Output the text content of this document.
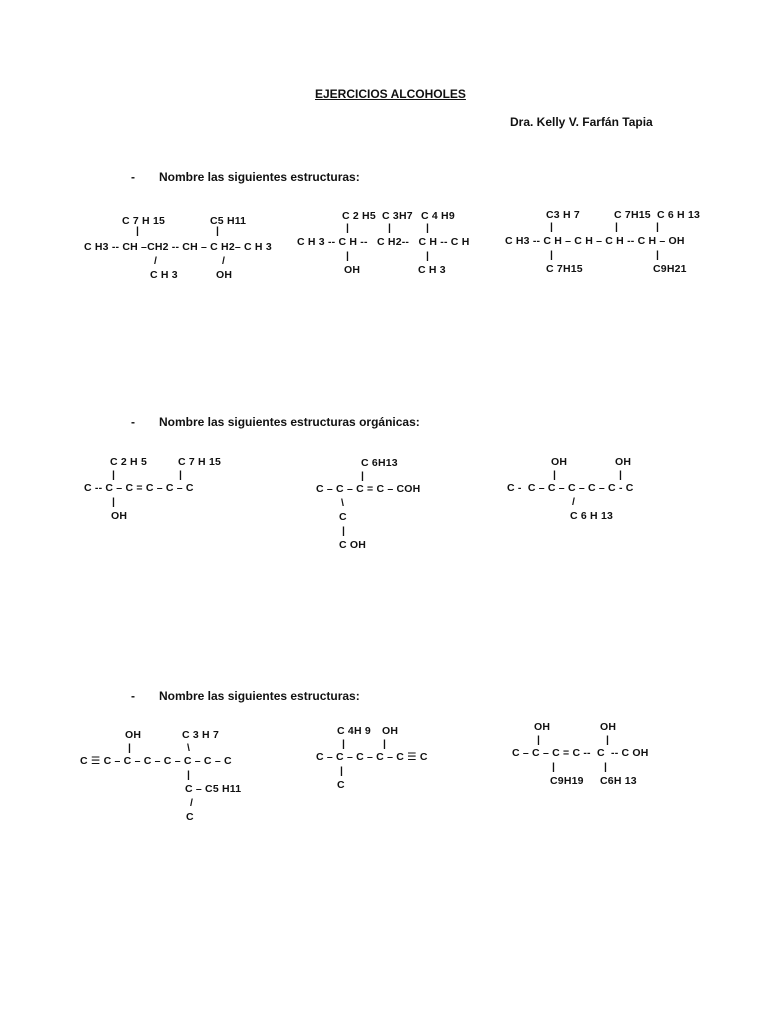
EJERCICIOS ALCOHOLES
Dra. Kelly V. Farfán Tapia
- Nombre las siguientes estructuras:
C 7 H 15	C5 H11
|	|
C H3 -- CH –CH2 -- CH – C H2– C H 3
/	/
C H 3	OH
C 2 H5 C 3H7 C 4 H9
|	|	|
C H 3 -- C H --   C H2--   C H -- C H
|	|
OH	C H 3
C3 H 7	C 7H15 C 6 H 13
|	|	|
C H3 -- C H – C H – C H -- C H – OH
|	|
C 7H15	C9H21
- Nombre las siguientes estructuras orgánicas:
C 2 H 5	C 7 H 15
|	|
C -- C – C = C – C – C
|
OH
C 6H13
|
C – C – C = C – COH
\
C
|
C OH
OH	OH
|	|
C -  C – C – C – C – C - C
/
C 6 H 13
- Nombre las siguientes estructuras:
OH	C 3 H 7
|	\
C ☰ C – C – C – C – C – C – C
|
C – C5 H11
/
C
C 4H 9 OH
|	|
C – C – C – C – C ☰ C
|
C
OH	OH
|	|
C – C – C = C --  C  -- C OH
|	|
C9H19 C6H 13
